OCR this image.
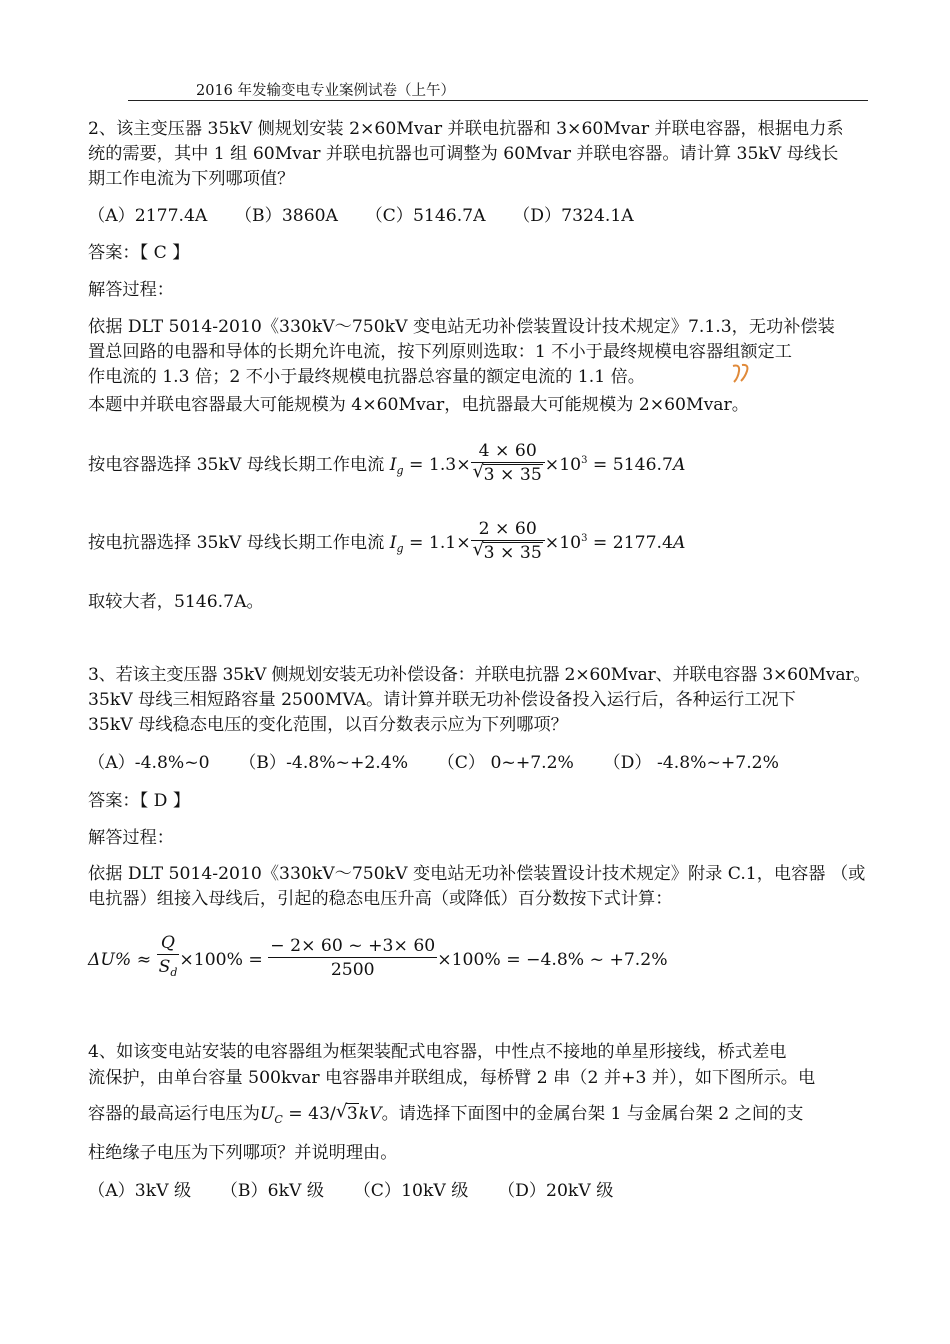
2016 年发输变电专业案例试卷（上午）
2、该主变压器 35kV 侧规划安装 2×60Mvar 并联电抗器和 3×60Mvar 并联电容器，根据电力系
统的需要，其中 1 组 60Mvar 并联电抗器也可调整为 60Mvar 并联电容器。请计算 35kV 母线长
期工作电流为下列哪项值？
（A）2177.4A （B）3860A （C）5146.7A （D）7324.1A
答案：【 C 】
解答过程：
依据 DLT 5014-2010《330kV～750kV 变电站无功补偿装置设计技术规定》7.1.3，无功补偿装
置总回路的电器和导体的长期允许电流，按下列原则选取：1 不小于最终规模电容器组额定工
作电流的 1.3 倍；2 不小于最终规模电抗器总容量的额定电流的 1.1 倍。
本题中并联电容器最大可能规模为 4×60Mvar，电抗器最大可能规模为 2×60Mvar。
按电容器选择 35kV 母线长期工作电流 $I_g = 1.3\times \frac{4 \times 60}{√ 3 \times 35} \times 10^3 = 5146.7A$
按电抗器选择 35kV 母线长期工作电流 $I_g = 1.1\times \frac{2 \times 60}{√ 3 \times 35} \times 10^3 = 2177.4A$
取较大者，5146.7A。
3、若该主变压器 35kV 侧规划安装无功补偿设备：并联电抗器 2×60Mvar、并联电容器 3×60Mvar。
35kV 母线三相短路容量 2500MVA。请计算并联无功补偿设备投入运行后，各种运行工况下
35kV 母线稳态电压的变化范围，以百分数表示应为下列哪项？
（A）-4.8%~0 （B）-4.8%~+2.4% （C） 0~+7.2% （D） -4.8%~+7.2%
答案：【 D 】
解答过程：
依据 DLT 5014-2010《330kV～750kV 变电站无功补偿装置设计技术规定》附录 C.1，电容器 （或
电抗器）组接入母线后，引起的稳态电压升高（或降低）百分数按下式计算：
$\Delta U\% \approx \frac{Q}{S_d} \times 100\% = \frac{- 2\times 60 \sim +3\times 60}{2500} \times 100\% = -4.8\%$ ~ +7.2%
4、如该变电站安装的电容器组为框架装配式电容器，中性点不接地的单星形接线，桥式差电
流保护，由单台容量 500kvar 电容器串并联组成，每桥臂 2 串（2 并+3 并），如下图所示。电
容器的最高运行电压为$U_C = 43/$ √ 3kV。请选择下面图中的金属台架 1 与金属台架 2 之间的支
柱绝缘子电压为下列哪项？并说明理由。
（A）3kV 级 （B）6kV 级 （C）10kV 级 （D）20kV 级
